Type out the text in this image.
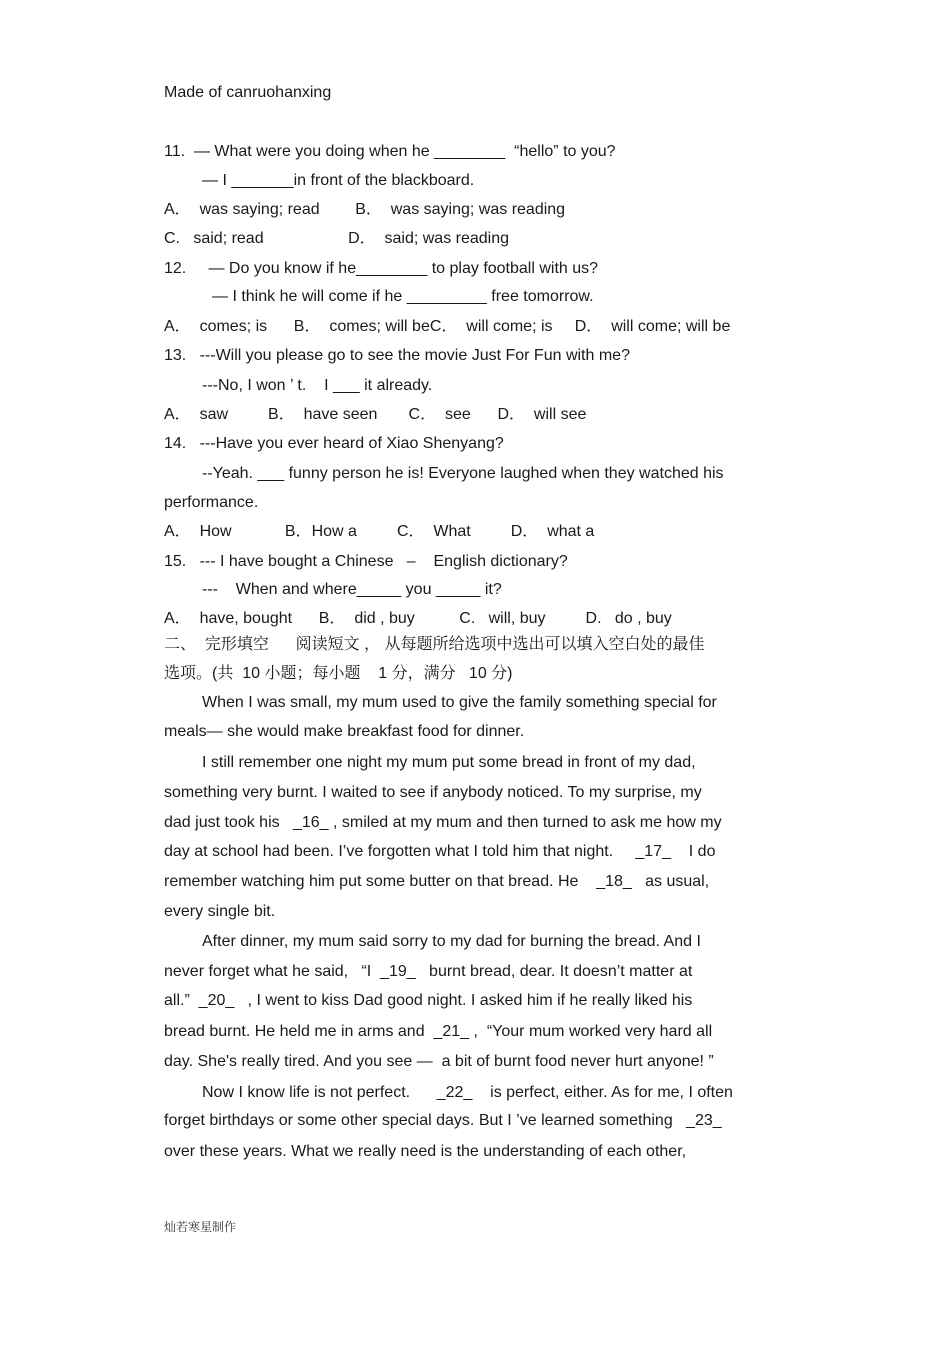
Made of canruohanxing
11.  — What were you doing when he ________  “hello” to you?
— I _______in front of the blackboard.
A．  was saying; read        B．  was saying; was reading
C.   said; read                   D．  said; was reading
12.     — Do you know if he________ to play football with us?
— I think he will come if he _________ free tomorrow.
A．  comes; is      B．  comes; will beC．  will come; is     D．  will come; will be
13.   ---Will you please go to see the movie Just For Fun with me?
---No, I won ’ t.    I ___ it already.
A．  saw         B．  have seen       C．  see      D．  will see
14.   ---Have you ever heard of Xiao Shenyang?
--Yeah. ___ funny person he is! Everyone laughed when they watched his
performance.
A．  How            B．How a         C．  What         D．  what a
15.   --- I have bought a Chinese   –    English dictionary?
---    When and where_____ you _____ it?
A．  have, bought      B．  did , buy          C.   will, buy         D.   do , buy
二、  完形填空      阅读短文 ， 从每题所给选项中选出可以填入空白处的最佳
选项。(共  10 小题；每小题    1 分，满分   10 分)
When I was small, my mum used to give the family something special for
meals— she would make breakfast food for dinner.
I still remember one night my mum put some bread in front of my dad,
something very burnt. I waited to see if anybody noticed. To my surprise, my
dad just took his   _16_ , smiled at my mum and then turned to ask me how my
day at school had been. I’ve forgotten what I told him that night.     _17_    I do
remember watching him put some butter on that bread. He    _18_   as usual,
every single bit.
After dinner, my mum said sorry to my dad for burning the bread. And I
never forget what he said,   “I  _19_   burnt bread, dear. It doesn’t matter at
all.”  _20_   , I went to kiss Dad good night. I asked him if he really liked his
bread burnt. He held me in arms and  _21_ ,  “Your mum worked very hard all
day. She's really tired. And you see —  a bit of burnt food never hurt anyone! ”
Now I know life is not perfect.      _22_    is perfect, either. As for me, I often
forget birthdays or some other special days. But I ’ve learned something   _23_
over these years. What we really need is the understanding of each other,
灿若寒星制作
